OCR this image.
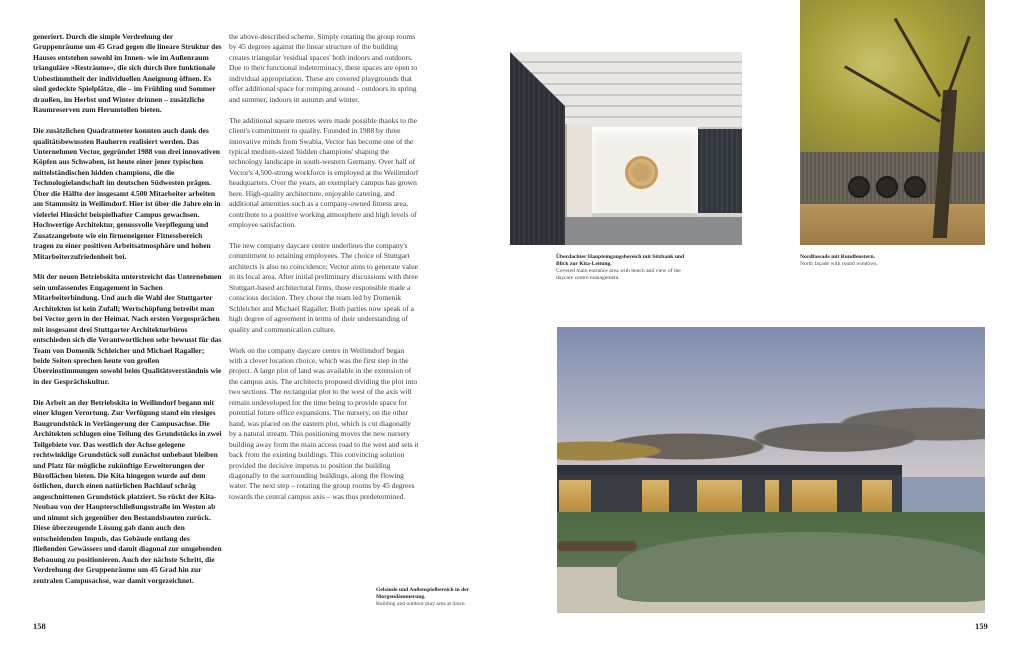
generiert. Durch die simple Verdrehung der Gruppenräume um 45 Grad gegen die lineare Struktur des Hauses entstehen sowohl im Innen- wie im Außenraum trianguläre »Resträume«, die sich durch ihre funktionale Unbestimmtheit der individuellen Aneignung öffnen. Es sind gedeckte Spielplätze, die – im Frühling und Sommer draußen, im Herbst und Winter drinnen – zusätzliche Raumreserven zum Herumtollen bieten.

Die zusätzlichen Quadratmeter konnten auch dank des qualitätsbewussten Bauherrn realisiert werden. Das Unternehmen Vector, gegründet 1988 von drei innovativen Köpfen aus Schwaben, ist heute einer jener typischen mittelständischen hidden champions, die die Technologielandschaft im deutschen Südwesten prägen. Über die Hälfte der insgesamt 4.500 Mitarbeiter arbeiten am Stammsitz in Weilimdorf. Hier ist über die Jahre ein in vielerlei Hinsicht beispielhafter Campus gewachsen. Hochwertige Architektur, genussvolle Verpflegung und Zusatzangebote wie ein firmeneigener Fitnessbereich tragen zu einer positiven Arbeitsatmosphäre und hohen Mitarbeiterzufriedenheit bei.

Mit der neuen Betriebskita unterstreicht das Unternehmen sein umfassendes Engagement in Sachen Mitarbeiterbindung. Und auch die Wahl der Stuttgarter Architekten ist kein Zufall; Wertschöpfung betreibt man bei Vector gern in der Heimat. Nach ersten Vorgesprächen mit insgesamt drei Stuttgarter Architekturbüros entschieden sich die Verantwortlichen sehr bewusst für das Team von Domenik Schleicher und Michael Ragaller; beide Seiten sprechen heute von großen Übereinstimmungen sowohl beim Qualitätsverständnis wie in der Gesprächskultur.

Die Arbeit an der Betriebskita in Weilimdorf begann mit einer klugen Verortung. Zur Verfügung stand ein riesiges Baugrundstück in Verlängerung der Campusachse. Die Architekten schlugen eine Teilung des Grundstücks in zwei Teilgebiete vor. Das westlich der Achse gelegene rechtwinklige Grundstück soll zunächst unbebaut bleiben und Platz für mögliche zukünftige Erweiterungen der Büroflächen bieten. Die Kita hingegen wurde auf dem östlichen, durch einen natürlichen Bachlauf schräg angeschnittenen Grundstück platziert. So rückt der Kita-Neubau von der Haupterschließungsstraße im Westen ab und nimmt sich gegenüber den Bestandsbauten zurück. Diese überzeugende Lösung gab dann auch den entscheidenden Impuls, das Gebäude entlang des fließenden Gewässers und damit diagonal zur umgebenden Bebauung zu positionieren. Auch der nächste Schritt, die Verdrehung der Gruppenräume um 45 Grad hin zur zentralen Campusachse, war damit vorgezeichnet.

the above-described scheme. Simply rotating the group rooms by 45 degrees against the linear structure of the building creates triangular 'residual spaces' both indoors and outdoors. Due to their functional indeterminacy, these spaces are open to individual appropriation. These are covered playgrounds that offer additional space for romping around – outdoors in spring and summer, indoors in autumn and winter.

The additional square metres were made possible thanks to the client's commitment to quality. Founded in 1988 by three innovative minds from Swabia, Vector has become one of the typical medium-sized 'hidden champions' shaping the technology landscape in south-western Germany. Over half of Vector's 4,500-strong workforce is employed at the Weilimdorf headquarters. Over the years, an exemplary campus has grown here. High-quality architecture, enjoyable catering, and additional amenities such as a company-owned fitness area, contribute to a positive working atmosphere and high levels of employee satisfaction.

The new company daycare centre underlines the company's commitment to retaining employees. The choice of Stuttgart architects is also no coincidence; Vector aims to generate value in its local area. After initial preliminary discussions with three Stuttgart-based architectural firms, those responsible made a conscious decision. They chose the team led by Domenik Schleicher and Michael Ragaller. Both parties now speak of a high degree of agreement in terms of their understanding of quality and communication culture.

Work on the company daycare centre in Weilimdorf began with a clever location choice, which was the first step in the project. A large plot of land was available in the extension of the campus axis. The architects proposed dividing the plot into two sections. The rectangular plot to the west of the axis will remain undeveloped for the time being to provide space for potential future office expansions. The nursery, on the other hand, was placed on the eastern plot, which is cut diagonally by a natural stream. This positioning moves the new nursery building away from the main access road to the west and sets it back from the existing buildings. This convincing solution provided the decisive impetus to position the building diagonally to the surrounding buildings, along the flowing water. The next step – rotating the group rooms by 45 degrees towards the central campus axis – was thus predetermined.

158
Gebäude und Außenspielbereich in der Morgendämmerung.
Building and outdoor play area at dawn.
Überdachter Haupteingangsbereich mit Sitzbank und Blick zur Kita-Leitung.
Covered main entrance area with bench and view of the daycare centre management.
Nordfassade mit Rundfenstern.
North façade with round windows.
159
